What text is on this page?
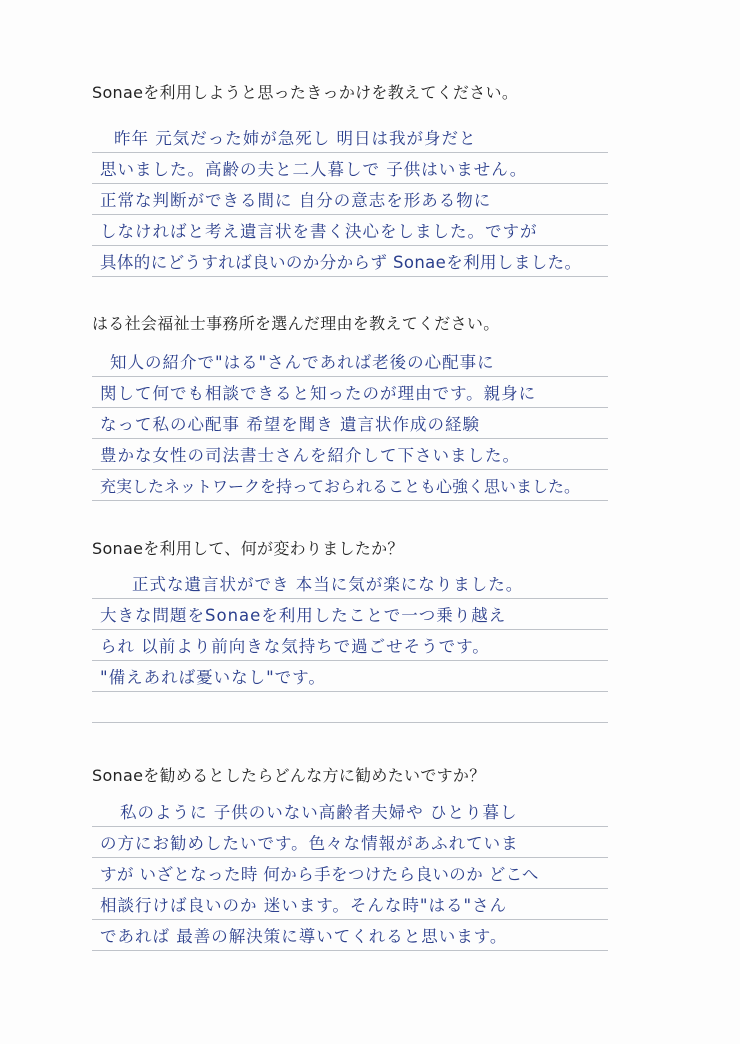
Sonaeを利用しようと思ったきっかけを教えてください。
昨年 元気だった姉が急死し 明日は我が身だと
思いました。高齢の夫と二人暮しで 子供はいません。
正常な判断ができる間に 自分の意志を形ある物に
しなければと考え遺言状を書く決心をしました。ですが
具体的にどうすれば良いのか分からず Sonaeを利用しました。
はる社会福祉士事務所を選んだ理由を教えてください。
知人の紹介で"はる"さんであれば老後の心配事に
関して何でも相談できると知ったのが理由です。親身に
なって私の心配事 希望を聞き 遺言状作成の経験
豊かな女性の司法書士さんを紹介して下さいました。
充実したネットワークを持っておられることも心強く思いました。
Sonaeを利用して、何が変わりましたか？
正式な遺言状ができ 本当に気が楽になりました。
大きな問題をSonaeを利用したことで一つ乗り越え
られ 以前より前向きな気持ちで過ごせそうです。
"備えあれば憂いなし"です。
Sonaeを勧めるとしたらどんな方に勧めたいですか？
私のように 子供のいない高齢者夫婦や ひとり暮し
の方にお勧めしたいです。色々な情報があふれていま
すが いざとなった時 何から手をつけたら良いのか どこへ
相談行けば良いのか 迷います。そんな時"はる"さん
であれば 最善の解決策に導いてくれると思います。
